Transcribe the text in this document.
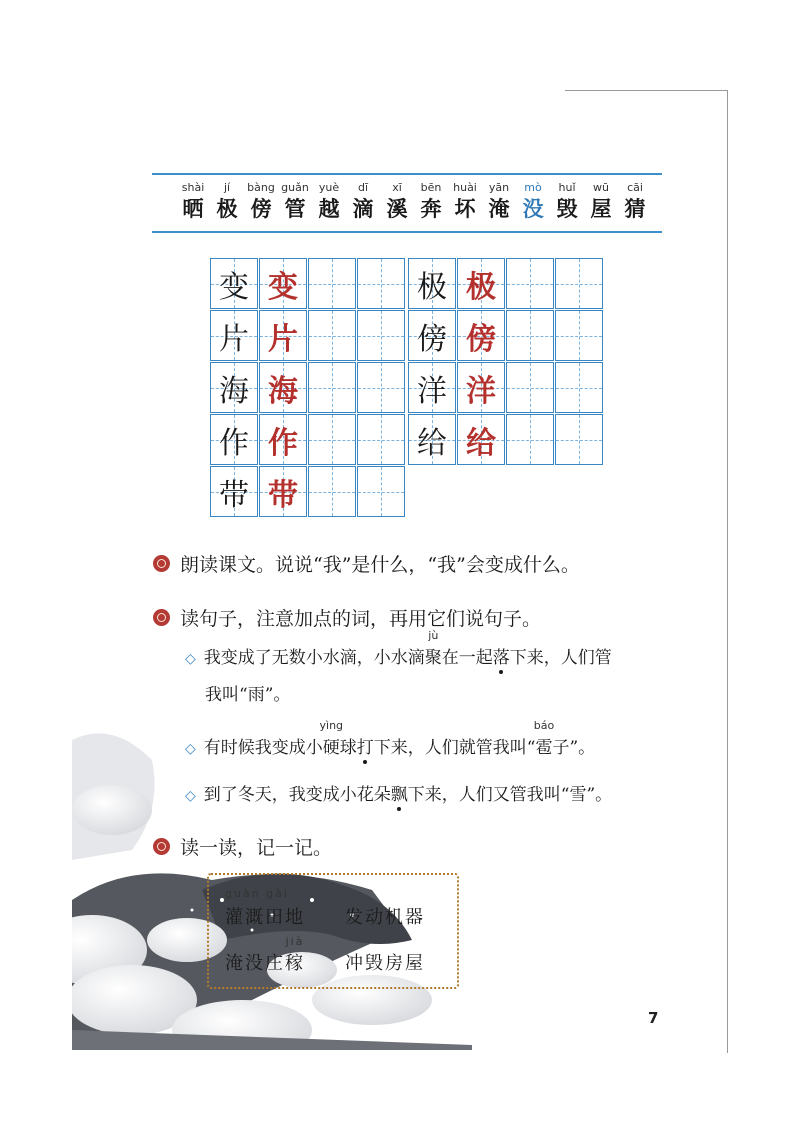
shài
晒
jí
极
bàng
傍
guǎn
管
yuè
越
dī
滴
xī
溪
bēn
奔
huài
坏
yān
淹
mò
没
huǐ
毁
wū
屋
cāi
猜
变 变
片 片
海 海
作 作
带 带
极 极
傍 傍
洋 洋
给 给
朗读课文。说说“我”是什么，“我”会变成什么。
读句子，注意加点的词，再用它们说句子。
◇ 我变成了无数小水滴，小水滴
jù
聚在一起落下来，人们管
我叫“雨”。
◇ 有时候我变成小
yìng
硬球打下来，人们就管我叫“
báo
雹子”。
◇ 到了冬天，我变成小花朵飘下来，人们又管我叫“雪”。
读一读，记一记。
guàn gài
灌溉田地 发动机器
淹没庄
jià
稼 冲毁房屋
7
